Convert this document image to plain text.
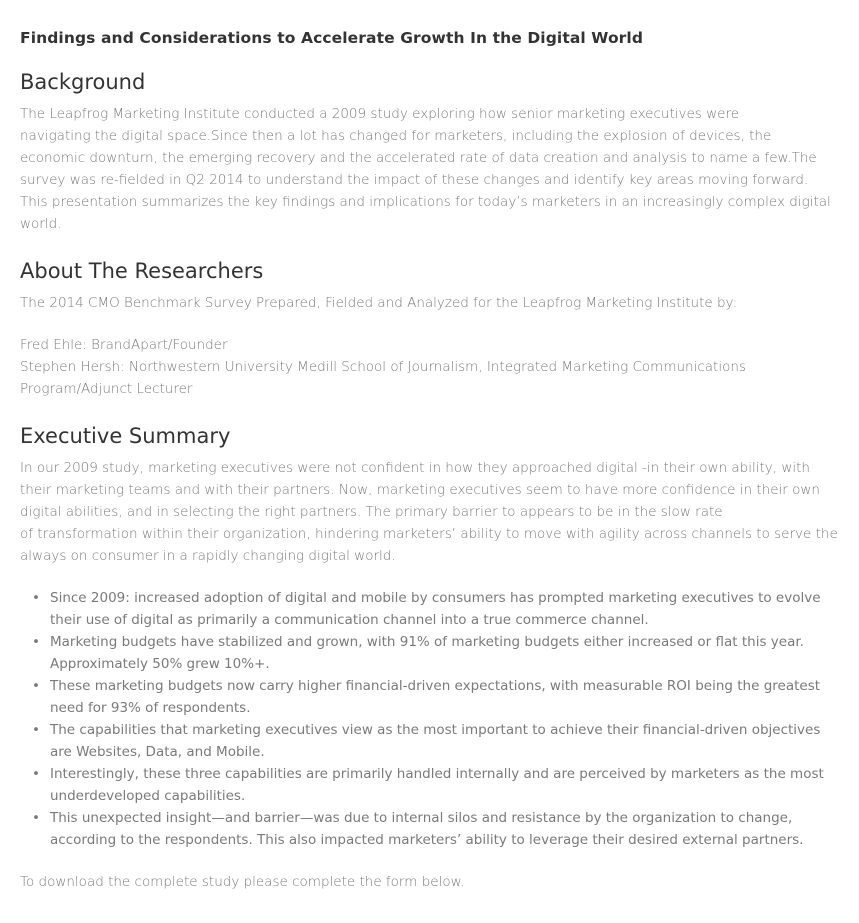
Findings and Considerations to Accelerate Growth In the Digital World
Background

The Leapfrog Marketing Institute conducted a 2009 study exploring how senior marketing executives were
navigating the digital space.Since then a lot has changed for marketers, including the explosion of devices, the
economic downturn, the emerging recovery and the accelerated rate of data creation and analysis to name a few.The
survey was re-fielded in Q2 2014 to understand the impact of these changes and identify key areas moving forward.
This presentation summarizes the key findings and implications for today’s marketers in an increasingly complex digital
world.

About The Researchers

The 2014 CMO Benchmark Survey Prepared, Fielded and Analyzed for the Leapfrog Marketing Institute by:

Fred Ehle: BrandApart/Founder
Stephen Hersh: Northwestern University Medill School of Journalism, Integrated Marketing Communications
Program/Adjunct Lecturer

Executive Summary

In our 2009 study, marketing executives were not confident in how they approached digital -in their own ability, with
their marketing teams and with their partners. Now, marketing executives seem to have more confidence in their own
digital abilities, and in selecting the right partners. The primary barrier to appears to be in the slow rate
of transformation within their organization, hindering marketers’ ability to move with agility across channels to serve the
always on consumer in a rapidly changing digital world.

• Since 2009: increased adoption of digital and mobile by consumers has prompted marketing executives to evolve
their use of digital as primarily a communication channel into a true commerce channel.
• Marketing budgets have stabilized and grown, with 91% of marketing budgets either increased or flat this year.
Approximately 50% grew 10%+.
• These marketing budgets now carry higher financial-driven expectations, with measurable ROI being the greatest
need for 93% of respondents.
• The capabilities that marketing executives view as the most important to achieve their financial-driven objectives
are Websites, Data, and Mobile.
• Interestingly, these three capabilities are primarily handled internally and are perceived by marketers as the most
underdeveloped capabilities.
• This unexpected insight—and barrier—was due to internal silos and resistance by the organization to change,
according to the respondents. This also impacted marketers’ ability to leverage their desired external partners.

To download the complete study please complete the form below.
